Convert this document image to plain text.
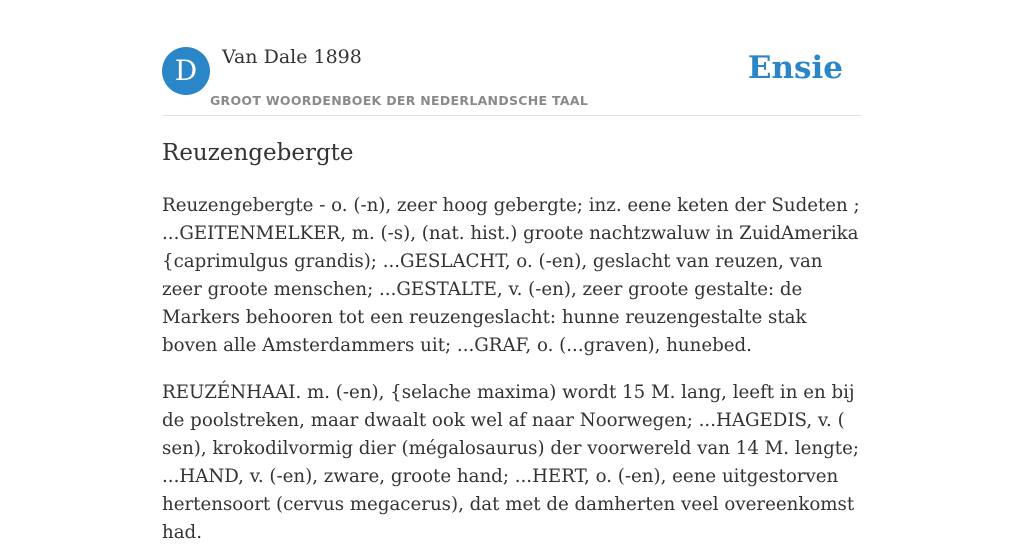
D	Van Dale 1898
GROOT WOORDENBOEK DER NEDERLANDSCHE TAAL
Ensie
Reuzengebergte

Reuzengebergte - o. (-n), zeer hoog gebergte; inz. eene keten der Sudeten ; ...GEITENMELKER, m. (-s), (nat. hist.) groote nachtzwaluw in ZuidAmerika {caprimulgus grandis); ...GESLACHT, o. (-en), geslacht van reuzen, van zeer groote menschen; ...GESTALTE, v. (-en), zeer groote gestalte: de Markers behooren tot een reuzengeslacht: hunne reuzengestalte stak boven alle Amsterdammers uit; ...GRAF, o. (...graven), hunebed.

REUZÉNHAAI. m. (-en), {selache maxima) wordt 15 M. lang, leeft in en bij de poolstreken, maar dwaalt ook wel af naar Noorwegen; ...HAGEDIS, v. ( sen), krokodilvormig dier (mégalosaurus) der voorwereld van 14 M. lengte; ...HAND, v. (-en), zware, groote hand; ...HERT, o. (-en), eene uitgestorven hertensoort (cervus megacerus), dat met de damherten veel overeenkomst had.
